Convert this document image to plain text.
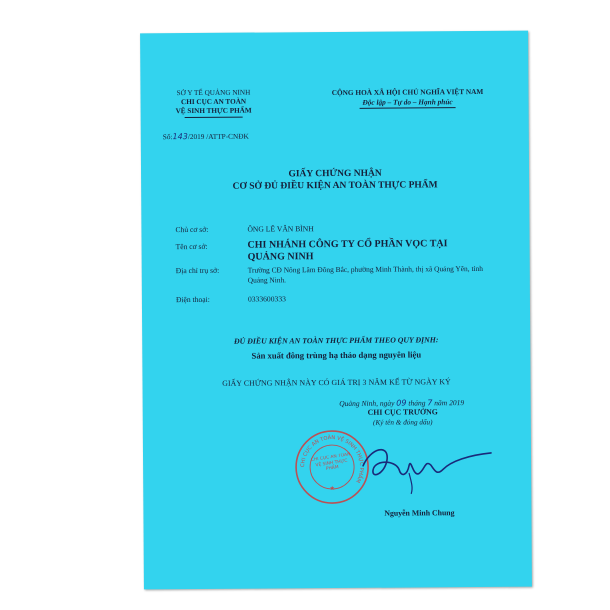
SỞ Y TẾ QUẢNG NINH
CHI CỤC AN TOÀN
VỆ SINH THỰC PHẨM
CỘNG HOÀ XÃ HỘI CHỦ NGHĨA VIỆT NAM
Độc lập – Tự do – Hạnh phúc
Số:143/2019 /ATTP-CNĐK
GIẤY CHỨNG NHẬN
CƠ SỞ ĐỦ ĐIỀU KIỆN AN TOÀN THỰC PHẨM
Chủ cơ sở:	ÔNG LÊ VĂN BÌNH
Tên cơ sở:	CHI NHÁNH CÔNG TY CỔ PHẦN VỌC TẠI QUẢNG NINH
Địa chỉ trụ sở:	Trường CĐ Nông Lâm Đông Bắc, phường Minh Thành, thị xã Quảng Yên, tỉnh Quảng Ninh.
Điện thoại:	0333600333
ĐỦ ĐIỀU KIỆN AN TOÀN THỰC PHẨM THEO QUY ĐỊNH:
Sản xuất đông trùng hạ thảo dạng nguyên liệu
GIẤY CHỨNG NHẬN NÀY CÓ GIÁ TRỊ 3 NĂM KỂ TỪ NGÀY KÝ
Quảng Ninh, ngày 09 tháng 7 năm 2019
CHI CỤC TRƯỞNG
(Ký tên & đóng dấu)
CHI CỤC AN TOÀN VỆ SINH THỰC PHẨM
CHI CỤC AN TOÀN VỆ SINH THỰC PHẨM
★
Nguyễn Minh Chung
